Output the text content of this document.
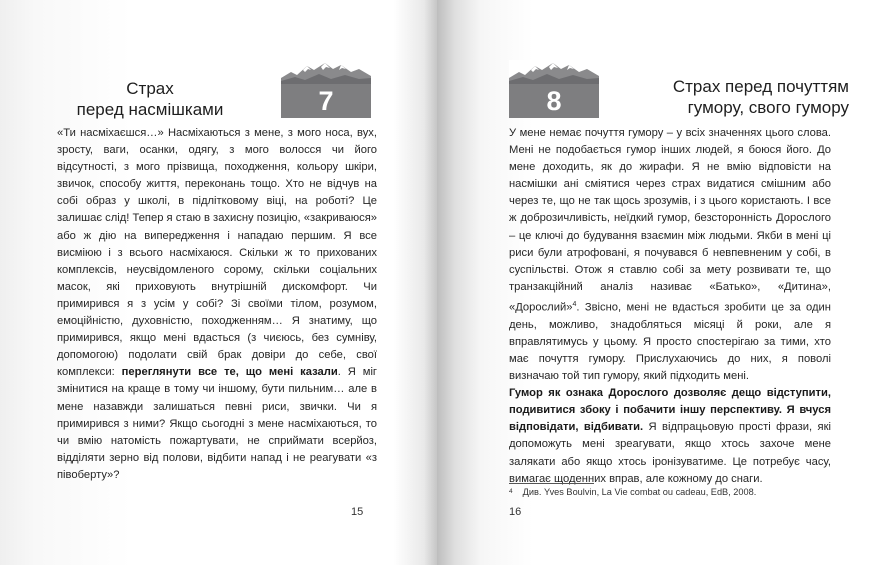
Страх
перед насмішками	7
«Ти насміхаєшся…» Насміхаються з мене, з мого носа, вух, зросту, ваги, осанки, одягу, з мого волосся чи його відсутності, з мого прізвища, походження, кольору шкіри, звичок, способу життя, переконань тощо. Хто не відчув на собі образ у школі, в підлітковому віці, на роботі? Це залишає слід! Тепер я стаю в захисну позицію, «закриваюся» або ж дію на випередження і нападаю першим. Я все висміюю і з всього насміхаюся. Скільки ж то прихованих комплексів, неусвідомленого сорому, скільки соціальних масок, які приховують внутрішній дискомфорт. Чи примирився я з усім у собі? Зі своїми тілом, розумом, емоційністю, духовністю, походженням… Я знатиму, що примирився, якщо мені вдасться (з чиєюсь, без сумніву, допомогою) подолати свій брак довіри до себе, свої комплекси: переглянути все те, що мені казали. Я міг змінитися на краще в тому чи іншому, бути пильним… але в мене назавжди залишаться певні риси, звички. Чи я примирився з ними? Якщо сьогодні з мене насміхаються, то чи вмію натомість пожартувати, не сприймати всерйоз, відділяти зерно від полови, відбити напад і не реагувати «з півоберту»?
15
8	Страх перед почуттям
гумору, свого гумору
У мене немає почуття гумору – у всіх значеннях цього слова. Мені не подобається гумор інших людей, я боюся його. До мене доходить, як до жирафи. Я не вмію відповісти на насмішки ані сміятися через страх видатися смішним або через те, що не так щось зрозумів, і з цього користають. І все ж доброзичливість, неїдкий гумор, безсторонність Дорослого – це ключі до будування взаємин між людьми. Якби в мені ці риси були атрофовані, я почувався б невпевненим у собі, в суспільстві. Отож я ставлю собі за мету розвивати те, що транзакційний аналіз називає «Батько», «Дитина», «Дорослий»$^4$. Звісно, мені не вдасться зробити це за один день, можливо, знадобляться місяці й роки, але я вправлятимусь у цьому. Я просто спостерігаю за тими, хто має почуття гумору. Прислухаючись до них, я поволі визначаю той тип гумору, який підходить мені.
Гумор як ознака Дорослого дозволяє дещо відступити, подивитися збоку і побачити іншу перспективу. Я вчуся відповідати, відбивати. Я відпрацьовую прості фрази, які допоможуть мені зреагувати, якщо хтось захоче мене залякати або якщо хтось іронізуватиме. Це потребує часу, вимагає щоденних вправ, але кожному до снаги.
$^4$ Див. Yves Boulvin, La Vie combat ou cadeau, EdB, 2008.
16
